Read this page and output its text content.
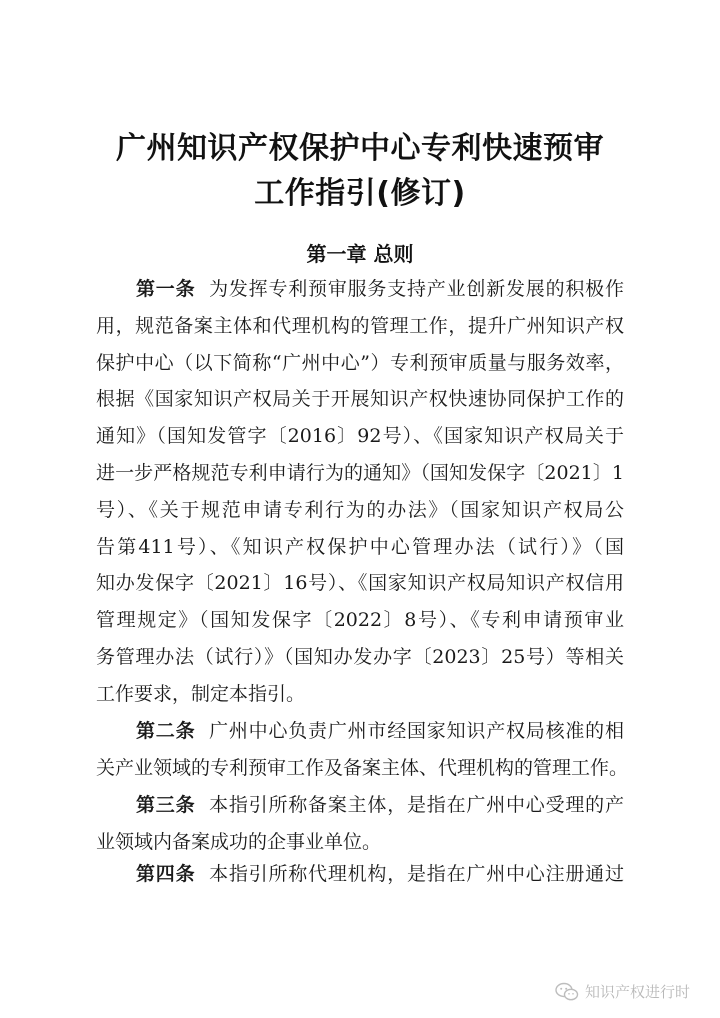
广州知识产权保护中心专利快速预审
工作指引(修订)
第一章 总则
第一条 为发挥专利预审服务支持产业创新发展的积极作
用，规范备案主体和代理机构的管理工作，提升广州知识产权
保护中心（以下简称“广州中心”）专利预审质量与服务效率，
根据《国家知识产权局关于开展知识产权快速协同保护工作的
通知》（国知发管字〔2016〕92号）、《国家知识产权局关于
进一步严格规范专利申请行为的通知》（国知发保字〔2021〕1
号）、《关于规范申请专利行为的办法》（国家知识产权局公
告第411号）、《知识产权保护中心管理办法（试行）》（国
知办发保字〔2021〕16号）、《国家知识产权局知识产权信用
管理规定》（国知发保字〔2022〕8号）、《专利申请预审业
务管理办法（试行）》（国知办发办字〔2023〕25号）等相关
工作要求，制定本指引。
第二条 广州中心负责广州市经国家知识产权局核准的相
关产业领域的专利预审工作及备案主体、代理机构的管理工作。
第三条 本指引所称备案主体，是指在广州中心受理的产
业领域内备案成功的企事业单位。
第四条 本指引所称代理机构，是指在广州中心注册通过
知识产权进行时
